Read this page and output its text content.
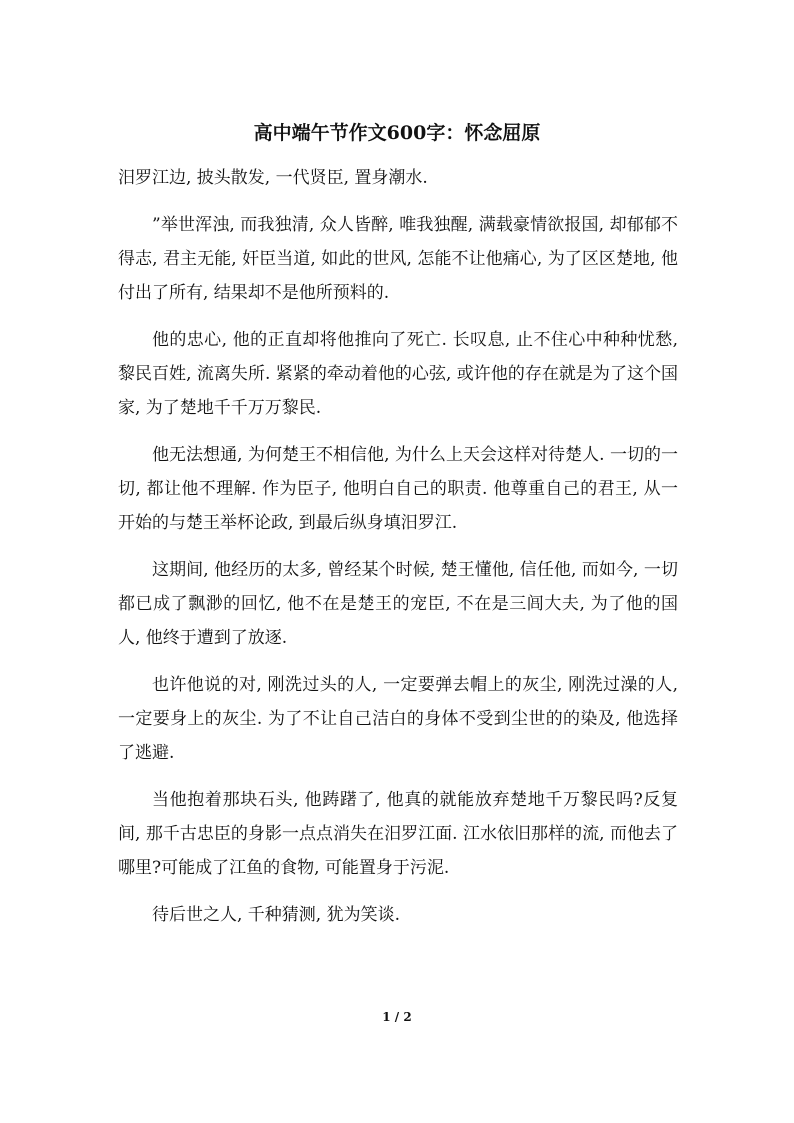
高中端午节作文600字：怀念屈原

汨罗江边, 披头散发, 一代贤臣, 置身潮水.

”举世浑浊, 而我独清, 众人皆醉, 唯我独醒, 满载豪情欲报国, 却郁郁不得志, 君主无能, 奸臣当道, 如此的世风, 怎能不让他痛心, 为了区区楚地, 他付出了所有, 结果却不是他所预料的.

他的忠心, 他的正直却将他推向了死亡. 长叹息, 止不住心中种种忧愁, 黎民百姓, 流离失所. 紧紧的牵动着他的心弦, 或许他的存在就是为了这个国家, 为了楚地千千万万黎民.

他无法想通, 为何楚王不相信他, 为什么上天会这样对待楚人. 一切的一切, 都让他不理解. 作为臣子, 他明白自己的职责. 他尊重自己的君王, 从一开始的与楚王举杯论政, 到最后纵身填汨罗江.

这期间, 他经历的太多, 曾经某个时候, 楚王懂他, 信任他, 而如今, 一切都已成了飘渺的回忆, 他不在是楚王的宠臣, 不在是三闾大夫, 为了他的国人, 他终于遭到了放逐.

也许他说的对, 刚洗过头的人, 一定要弹去帽上的灰尘, 刚洗过澡的人, 一定要身上的灰尘. 为了不让自己洁白的身体不受到尘世的的染及, 他选择了逃避.

当他抱着那块石头, 他踌躇了, 他真的就能放弃楚地千万黎民吗?反复间, 那千古忠臣的身影一点点消失在汨罗江面. 江水依旧那样的流, 而他去了哪里?可能成了江鱼的食物, 可能置身于污泥.

待后世之人, 千种猜测, 犹为笑谈.

1 / 2
